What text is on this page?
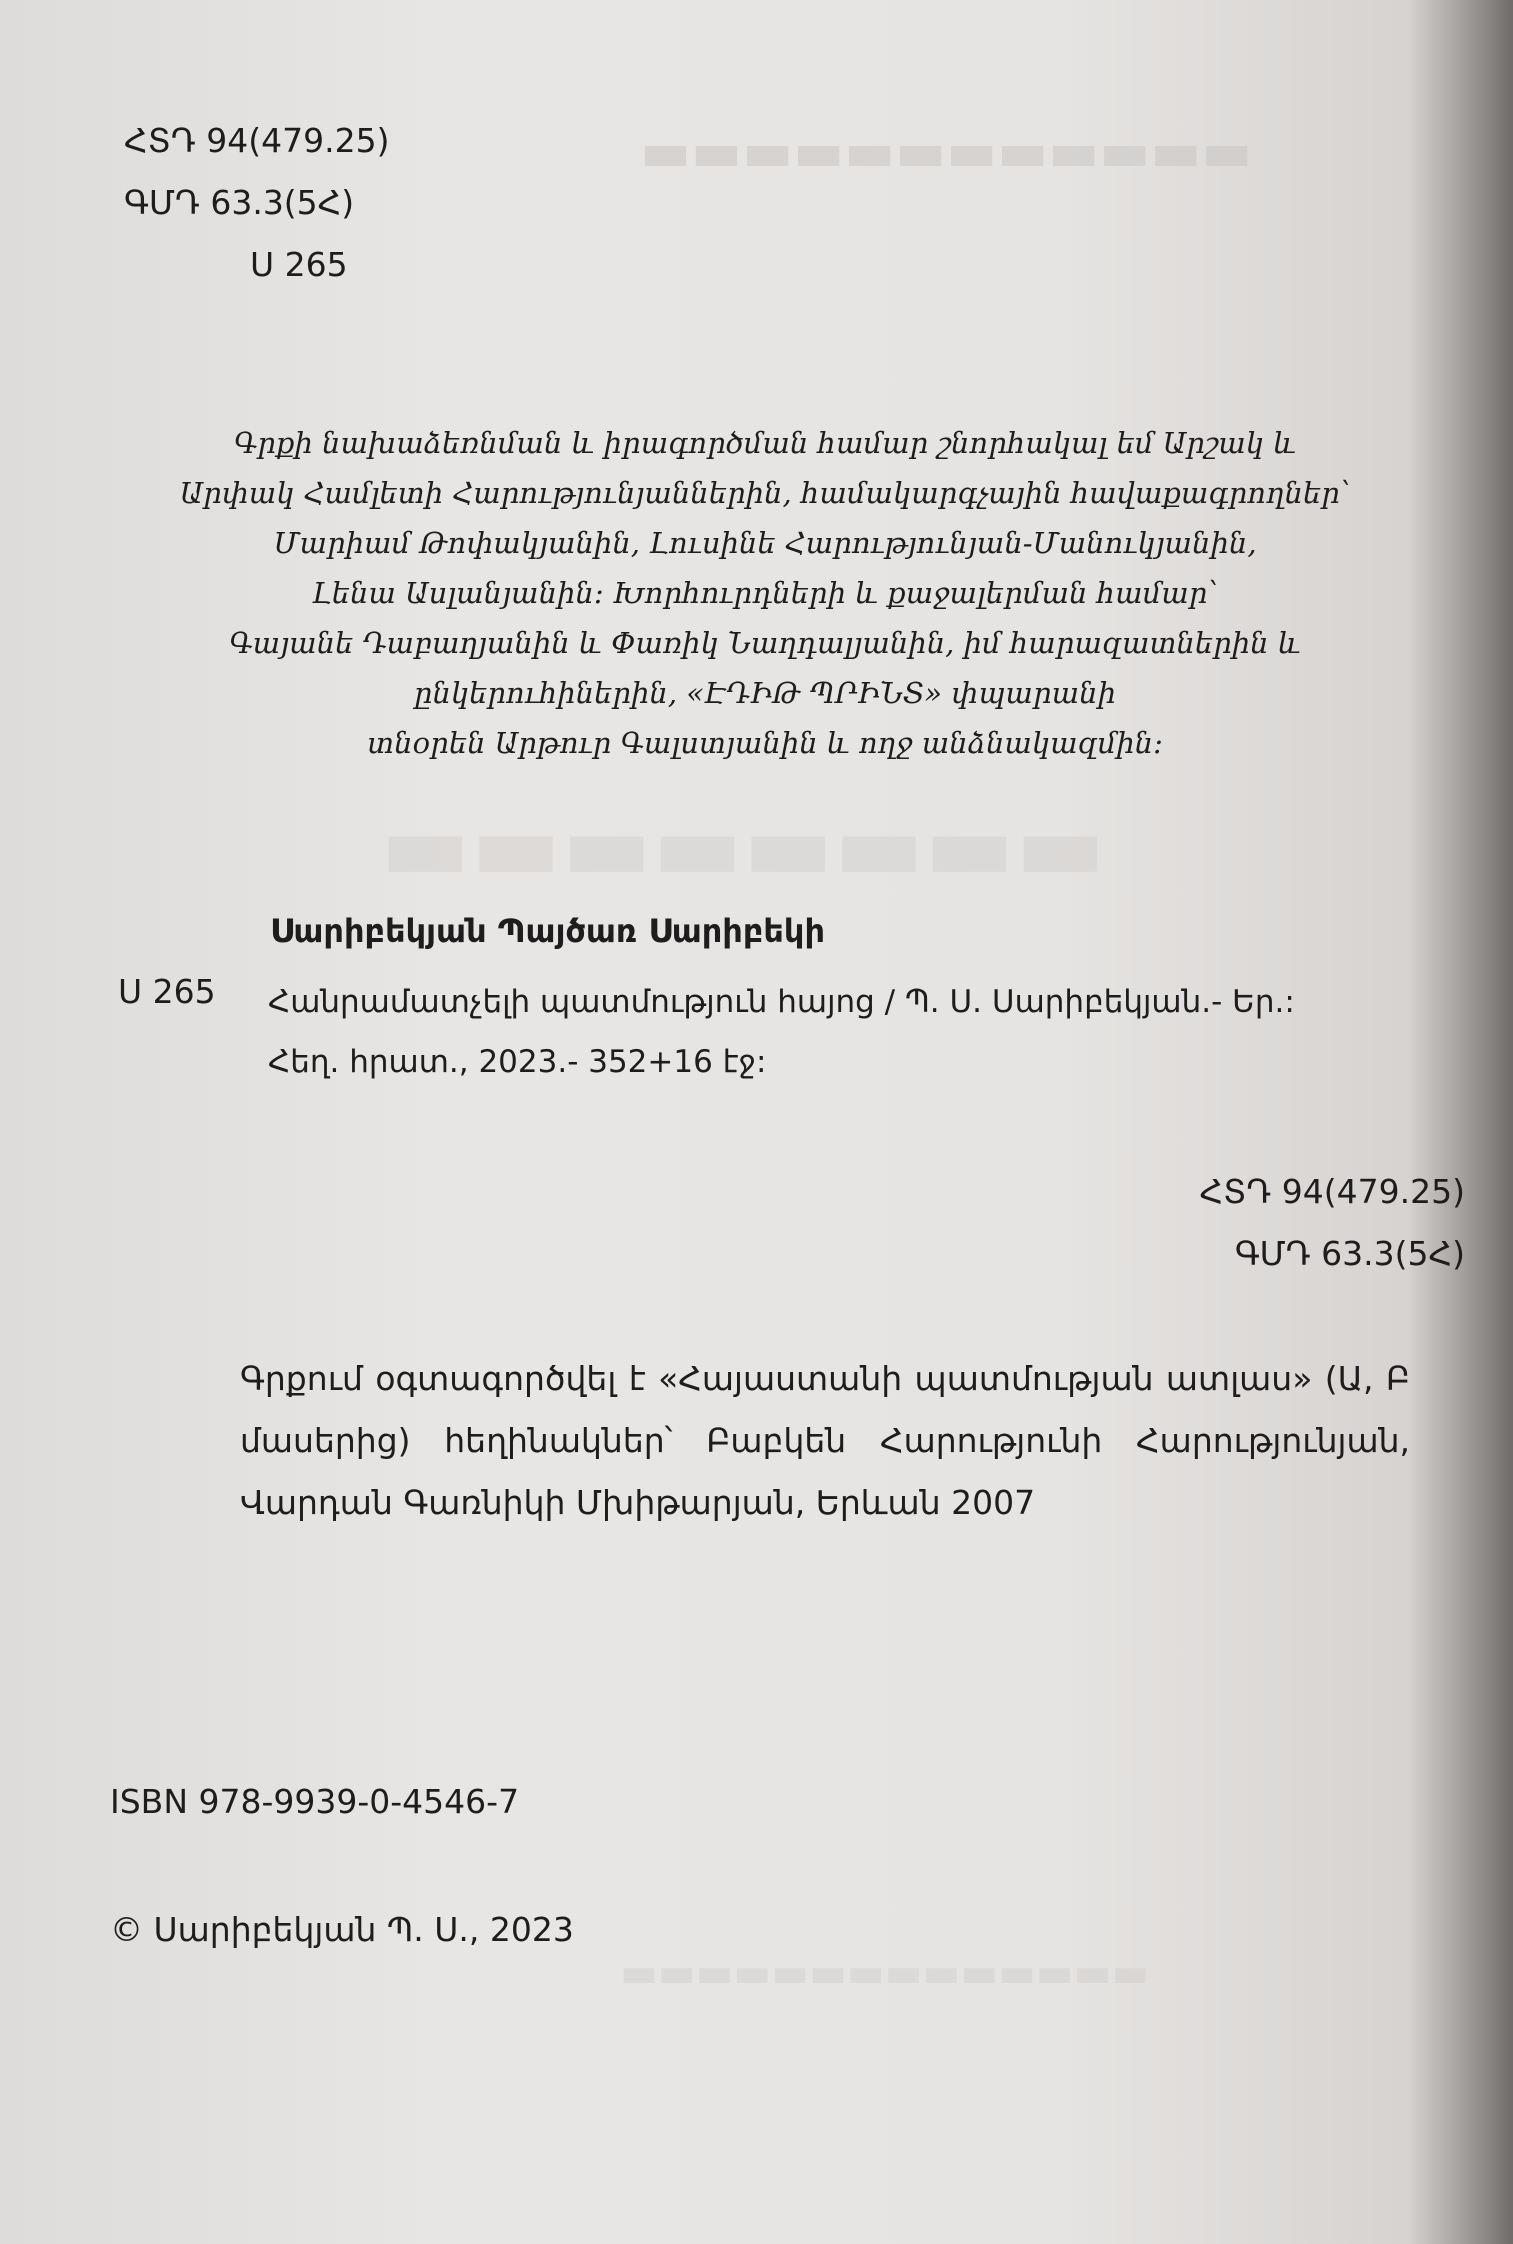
▬▬▬▬▬▬▬▬▬▬▬▬
▬▬▬▬▬▬▬▬
▬▬▬▬▬▬▬▬▬▬▬▬▬▬
ՀՏԴ 94(479.25)
ԳՄԴ 63.3(5Հ)
Ս 265
Գրքի նախաձեռնման և իրագործման համար շնորհակալ եմ Արշակ և
Արփակ Համլետի Հարությունյաններին, համակարգչային հավաքագրողներ՝
Մարիամ Թոփակյանին, Լուսինե Հարությունյան-Մանուկյանին,
Լենա Ասլանյանին: Խորհուրդների և քաջալերման համար՝
Գայանե Դաբաղյանին և Փառիկ Նաղդալյանին, իմ հարազատներին և
ընկերուհիներին, «ԷԴԻԹ ՊՐԻՆՏ» փպարանի
տնօրեն Արթուր Գալստյանին և ողջ անձնակազմին:
Սարիբեկյան Պայծառ Սարիբեկի
Ս 265 Հանրամատչելի պատմություն հայոց / Պ. Ս. Սարիբեկյան.- Եր.:
Հեղ. հրատ., 2023.- 352+16 էջ:
ՀՏԴ 94(479.25)
ԳՄԴ 63.3(5Հ)
Գրքում օգտագործվել է «Հայաստանի պատմության ատլաս» (Ա, Բ մասերից) հեղինակներ՝ Բաբկեն Հարությունի Հարությունյան, Վարդան Գառնիկի Մխիթարյան, Երևան 2007
ISBN 978-9939-0-4546-7
© Սարիբեկյան Պ. Ս., 2023
